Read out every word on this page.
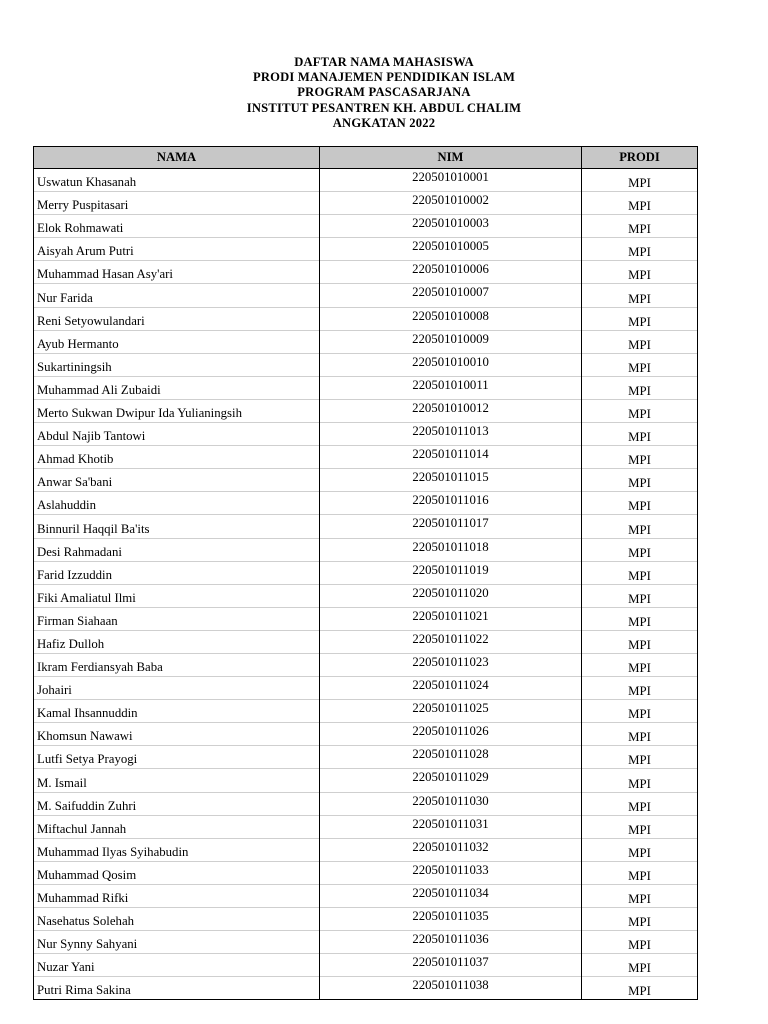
DAFTAR NAMA MAHASISWA
PRODI MANAJEMEN PENDIDIKAN ISLAM
PROGRAM PASCASARJANA
INSTITUT PESANTREN KH. ABDUL CHALIM
ANGKATAN 2022
NAMA	NIM	PRODI
Uswatun Khasanah	220501010001	MPI
Merry Puspitasari	220501010002	MPI
Elok Rohmawati	220501010003	MPI
Aisyah Arum Putri	220501010005	MPI
Muhammad Hasan Asy'ari	220501010006	MPI
Nur Farida	220501010007	MPI
Reni Setyowulandari	220501010008	MPI
Ayub Hermanto	220501010009	MPI
Sukartiningsih	220501010010	MPI
Muhammad Ali Zubaidi	220501010011	MPI
Merto Sukwan Dwipur Ida Yulianingsih	220501010012	MPI
Abdul Najib Tantowi	220501011013	MPI
Ahmad Khotib	220501011014	MPI
Anwar Sa'bani	220501011015	MPI
Aslahuddin	220501011016	MPI
Binnuril Haqqil Ba'its	220501011017	MPI
Desi Rahmadani	220501011018	MPI
Farid Izzuddin	220501011019	MPI
Fiki Amaliatul Ilmi	220501011020	MPI
Firman Siahaan	220501011021	MPI
Hafiz Dulloh	220501011022	MPI
Ikram Ferdiansyah Baba	220501011023	MPI
Johairi	220501011024	MPI
Kamal Ihsannuddin	220501011025	MPI
Khomsun Nawawi	220501011026	MPI
Lutfi Setya Prayogi	220501011028	MPI
M. Ismail	220501011029	MPI
M. Saifuddin Zuhri	220501011030	MPI
Miftachul Jannah	220501011031	MPI
Muhammad Ilyas Syihabudin	220501011032	MPI
Muhammad Qosim	220501011033	MPI
Muhammad Rifki	220501011034	MPI
Nasehatus Solehah	220501011035	MPI
Nur Synny Sahyani	220501011036	MPI
Nuzar Yani	220501011037	MPI
Putri Rima Sakina	220501011038	MPI
